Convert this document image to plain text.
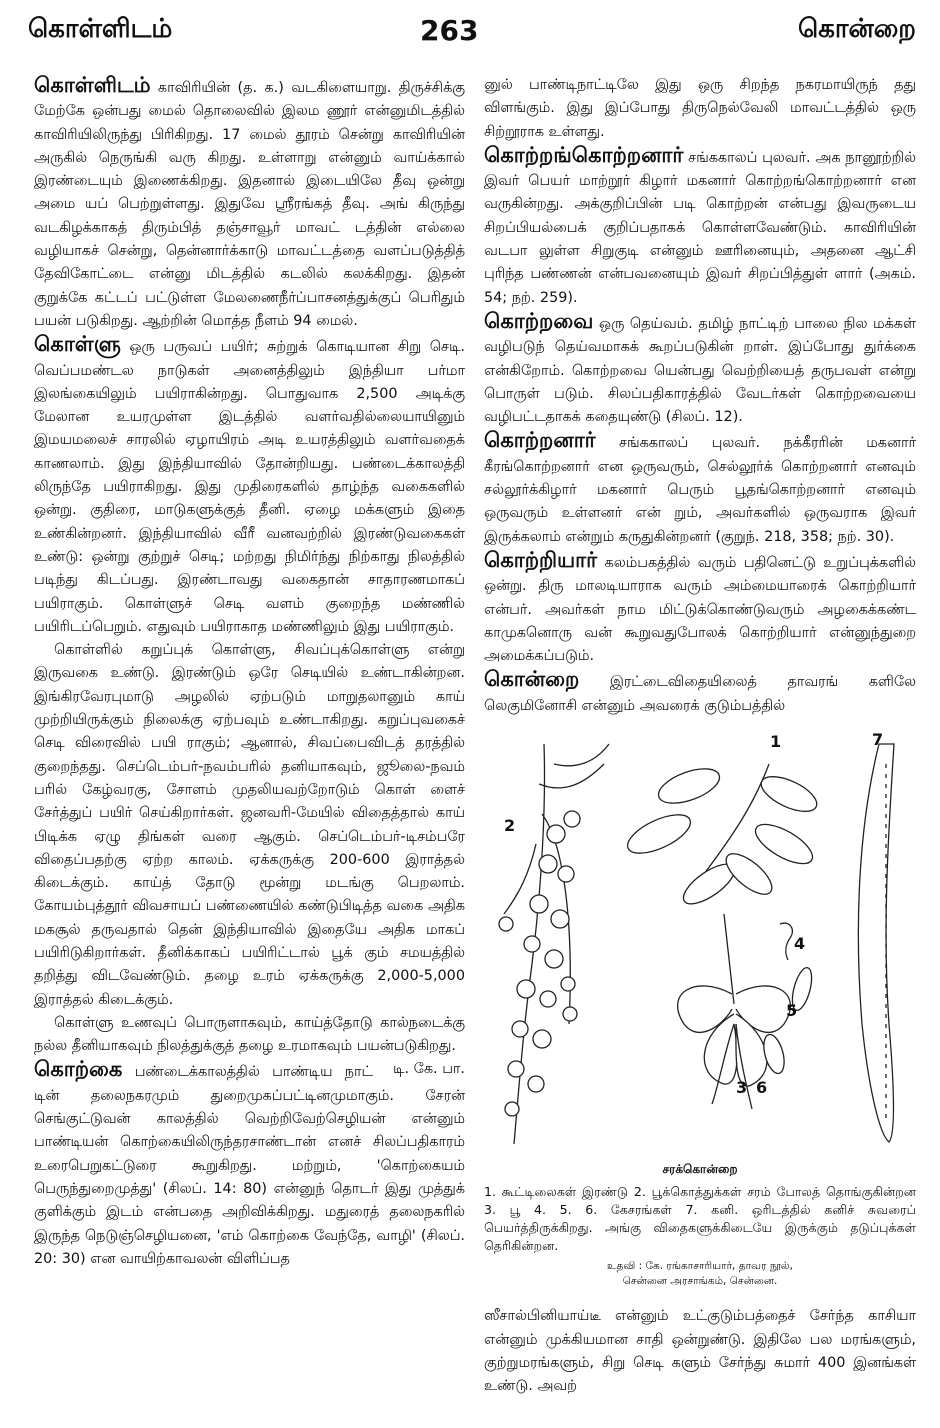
கொள்ளிடம்	263	கொன்றை

கொள்ளிடம் காவிரியின் (த. க.) வடகிளையாறு. திருச்சிக்கு மேற்கே ஒன்பது மைல் தொலைவில் இலம ணூர் என்னுமிடத்தில் காவிரியிலிருந்து பிரிகிறது. 17 மைல் தூரம் சென்று காவிரியின் அருகில் நெருங்கி வரு கிறது. உள்ளாறு என்னும் வாய்க்கால் இரண்டையும் இணைக்கிறது. இதனால் இடையிலே தீவு ஒன்று அமை யப் பெற்றுள்ளது. இதுவே ஸ்ரீரங்கத் தீவு. அங் கிருந்து வடகிழக்காகத் திரும்பித் தஞ்சாவூர் மாவட் டத்தின் எல்லை வழியாகச் சென்று, தென்னார்க்காடு மாவட்டத்தை வளப்படுத்தித் தேவிகோட்டை என்னு மிடத்தில் கடலில் கலக்கிறது. இதன் குறுக்கே கட்டப் பட்டுள்ள மேலணைநீர்ப்பாசனத்துக்குப் பெரிதும் பயன் படுகிறது. ஆற்றின் மொத்த நீளம் 94 மைல்.

கொள்ளு ஒரு பருவப் பயிர்; சுற்றுக் கொடியான சிறு செடி. வெப்பமண்டல நாடுகள் அனைத்திலும் இந்தியா பர்மா இலங்கையிலும் பயிராகின்றது. பொதுவாக 2,500 அடிக்கு மேலான உயரமுள்ள இடத்தில் வளர்வதில்லையாயினும் இமயமலைச் சாரலில் ஏழாயிரம் அடி உயரத்திலும் வளர்வதைக் காணலாம். இது இந்தியாவில் தோன்றியது. பண்டைக்காலத்தி லிருந்தே பயிராகிறது. இது முதிரைகளில் தாழ்ந்த வகைகளில் ஒன்று. குதிரை, மாடுகளுக்குத் தீனி. ஏழை மக்களும் இதை உண்கின்றனர். இந்தியாவில் வீரீ வனவற்றில் இரண்டுவகைகள் உண்டு: ஒன்று குற்றுச் செடி; மற்றது நிமிர்ந்து நிற்காது நிலத்தில் படிந்து கிடப்பது. இரண்டாவது வகைதான் சாதாரணமாகப் பயிராகும். கொள்ளுச் செடி வளம் குறைந்த மண்ணில் பயிரிடப்பெறும். எதுவும் பயிராகாத மண்ணிலும் இது பயிராகும்.

கொள்ளில் கறுப்புக் கொள்ளு, சிவப்புக்கொள்ளு என்று இருவகை உண்டு. இரண்டும் ஒரே செடியில் உண்டாகின்றன. இங்கிரவேரபுமாடு அழலில் ஏற்படும் மாறுதலானும் காய் முற்றியிருக்கும் நிலைக்கு ஏற்பவும் உண்டாகிறது. கறுப்புவகைச் செடி விரைவில் பயி ராகும்; ஆனால், சிவப்பைவிடத் தரத்தில் குறைந்தது. செப்டெம்பர்-நவம்பரில் தனியாகவும், ஜூலை-நவம் பரில் கேழ்வரகு, சோளம் முதலியவற்றோடும் கொள் ளைச் சேர்த்துப் பயிர் செய்கிறார்கள். ஜனவரி-மேயில் விதைத்தால் காய் பிடிக்க ஏழு திங்கள் வரை ஆகும். செப்டெம்பர்-டிசம்பரே விதைப்பதற்கு ஏற்ற காலம். ஏக்கருக்கு 200-600 இராத்தல் கிடைக்கும். காய்த் தோடு மூன்று மடங்கு பெறலாம். கோயம்புத்தூர் விவசாயப் பண்ணையில் கண்டுபிடித்த வகை அதிக மகசூல் தருவதால் தென் இந்தியாவில் இதையே அதிக மாகப் பயிரிடுகிறார்கள். தீனிக்காகப் பயிரிட்டால் பூக் கும் சமயத்தில் தறித்து விடவேண்டும். தழை உரம் ஏக்கருக்கு 2,000-5,000 இராத்தல் கிடைக்கும்.

கொள்ளு உணவுப் பொருளாகவும், காய்த்தோடு கால்நடைக்கு நல்ல தீனியாகவும் நிலத்துக்குத் தழை உரமாகவும் பயன்படுகிறது.
டி. கே. பா.

கொற்கை பண்டைக்காலத்தில் பாண்டிய நாட் டின் தலைநகரமும் துறைமுகப்பட்டினமுமாகும். சேரன் செங்குட்டுவன் காலத்தில் வெற்றிவேற்செழியன் என்னும் பாண்டியன் கொற்கையிலிருந்தரசாண்டான் எனச் சிலப்பதிகாரம் உரைபெறுகட்டுரை கூறுகிறது. மற்றும், 'கொற்கையம் பெருந்துறைமுத்து' (சிலப். 14: 80) என்னுந் தொடர் இது முத்துக் குளிக்கும் இடம் என்பதை அறிவிக்கிறது. மதுரைத் தலைநகரில் இருந்த நெடுஞ்செழியனை, 'எம் கொற்கை வேந்தே, வாழி' (சிலப். 20: 30) என வாயிற்காவலன் விளிப்பத

னுல் பாண்டிநாட்டிலே இது ஒரு சிறந்த நகரமாயிருந் தது விளங்கும். இது இப்போது திருநெல்வேலி மாவட்டத்தில் ஒரு சிற்றூராக உள்ளது.

கொற்றங்கொற்றனார் சங்ககாலப் புலவர். அக நானூற்றில் இவர் பெயர் மாற்றூர் கிழார் மகனார் கொற்றங்கொற்றனார் என வருகின்றது. அக்குறிப்பின் படி கொற்றன் என்பது இவருடைய சிறப்பியல்பைக் குறிப்பதாகக் கொள்ளவேண்டும். காவிரியின் வடபா லுள்ள சிறுகுடி என்னும் ஊரினையும், அதனை ஆட்சி புரிந்த பண்ணன் என்பவனையும் இவர் சிறப்பித்துள் ளார் (அகம். 54; நற். 259).

கொற்றவை ஒரு தெய்வம். தமிழ் நாட்டிற் பாலை நில மக்கள் வழிபடுந் தெய்வமாகக் கூறப்படுகின் றாள். இப்போது துர்க்கை என்கிறோம். கொற்றவை யென்பது வெற்றியைத் தருபவள் என்று பொருள் படும். சிலப்பதிகாரத்தில் வேடர்கள் கொற்றவையை வழிபட்டதாகக் கதையுண்டு (சிலப். 12).

கொற்றனார் சங்ககாலப் புலவர். நக்கீரரின் மகனார் கீரங்கொற்றனார் என ஒருவரும், செல்லூர்க் கொற்றனார் எனவும் சல்லூர்க்கிழார் மகனார் பெரும் பூதங்கொற்றனார் எனவும் ஒருவரும் உள்ளனர் என் றும், அவர்களில் ஒருவராக இவர் இருக்கலாம் என்றும் கருதுகின்றனர் (குறுந். 218, 358; நற். 30).

கொற்றியார் கலம்பகத்தில் வரும் பதினெட்டு உறுப்புக்களில் ஒன்று. திரு மாலடியாராக வரும் அம்மையாரைக் கொற்றியார் என்பர். அவர்கள் நாம மிட்டுக்கொண்டுவரும் அழகைக்கண்ட காமுகனொரு வன் கூறுவதுபோலக் கொற்றியார் என்னுந்துறை அமைக்கப்படும்.

கொன்றை இரட்டைவிதையிலைத் தாவரங் களிலே லெகுமினோசி என்னும் அவரைக் குடும்பத்தில்

1
2
3
4
5
6
7
சரக்கொன்றை
1. கூட்டிலைகள் இரண்டு 2. பூக்கொத்துக்கள் சரம் போலத் தொங்குகின்றன 3. பூ 4. 5. 6. கேசரங்கள் 7. கனி. ஒரிடத்தில் கனிச் சுவரைப் பெயர்த்திருக்கிறது. அங்கு விதைகளுக்கிடையே இருக்கும் தடுப்புக்கள் தெரிகின்றன.
உதவி : கே. ரங்காசாரியார், தாவர நூல்,
சென்னை அரசாங்கம், சென்னை.

ஸீசால்பினியாய்டீ என்னும் உட்குடும்பத்தைச் சேர்ந்த காசியா என்னும் முக்கியமான சாதி ஒன்றுண்டு. இதிலே பல மரங்களும், குற்றுமரங்களும், சிறு செடி களும் சேர்ந்து சுமார் 400 இனங்கள் உண்டு. அவற்
